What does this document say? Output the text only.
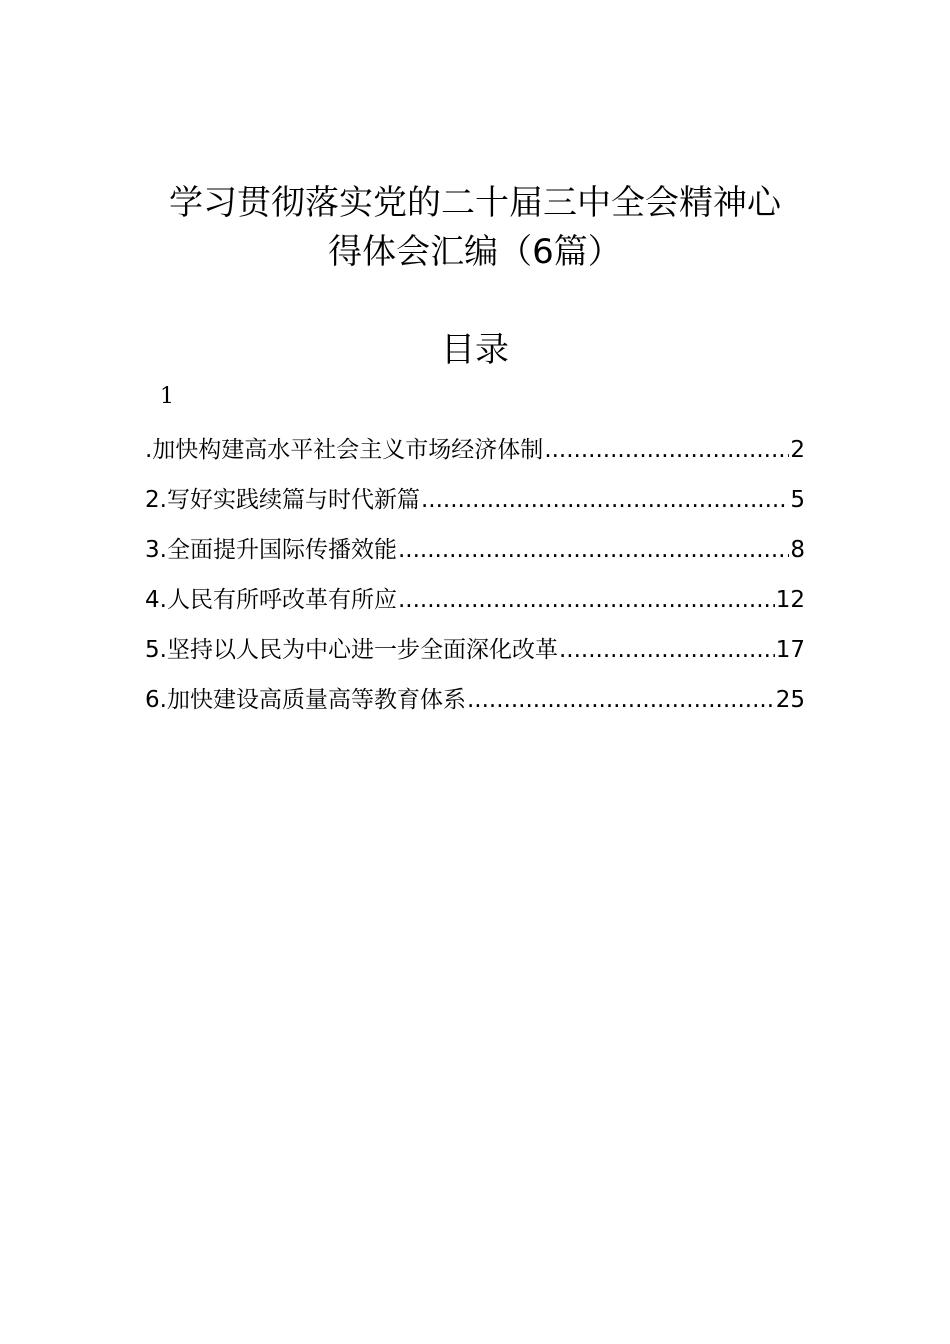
学习贯彻落实党的二十届三中全会精神心
得体会汇编（6篇）
目录
1
.加快构建高水平社会主义市场经济体制 .....	2
2.写好实践续篇与时代新篇 .....	5
3.全面提升国际传播效能 .....	8
4.人民有所呼改革有所应 .....	12
5.坚持以人民为中心进一步全面深化改革 .....	17
6.加快建设高质量高等教育体系 .....	25
